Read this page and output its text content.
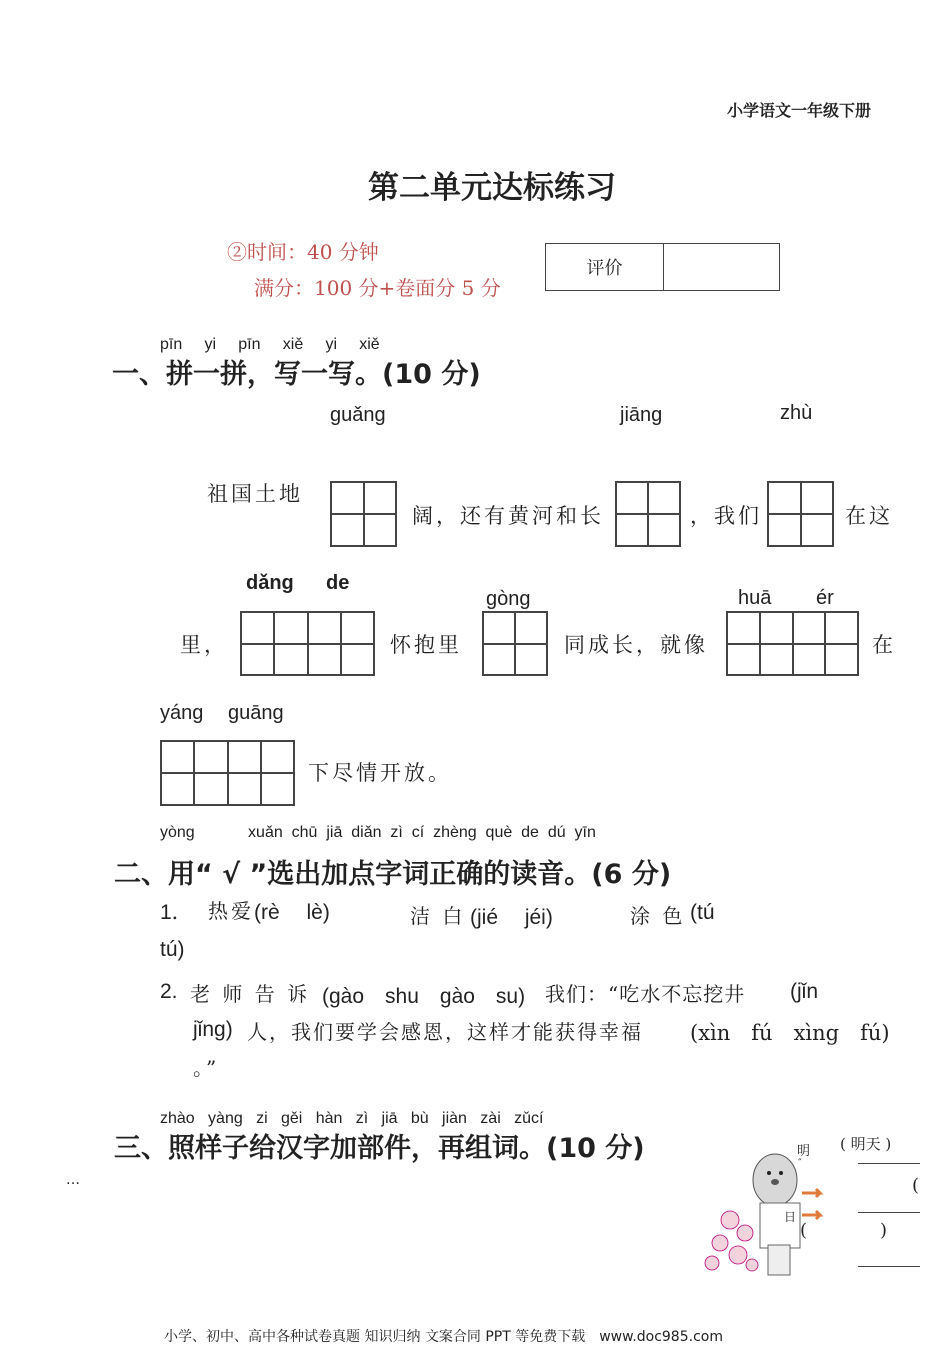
小学语文一年级下册
第二单元达标练习
②时间：40 分钟
满分：100 分+卷面分 5 分
评价
pīn yi pīn xiě yi xiě
一、拼一拼，写一写。(10 分)
guǎng	jiāng	zhù
祖国土地
阔，还有黄河和长	，我们	在这
dǎng de
gòng	huā ér
里，	怀抱里	同成长，就像	在
yáng guāng
下尽情开放。
yòng	xuǎn chū jiā diǎn zì cí zhèng què de dú yīn
二、用“ √ ”选出加点字词正确的读音。(6 分)
1． 热爱 (rè　 lè)	洁 白 (jié　 jéi)	涂 色 (tú
tú)
2. 老 师 告 诉 (gào　shu　gào　su) 我们：“吃水不忘挖井 (jǐn
jǐng) 人，我们要学会感恩，这样才能获得幸福 (xìn　fú　xìng　fú)
。”
zhào yàng zi gěi hàn zì jiā bù jiàn zài zǔcí
三、照样子给汉字加部件，再组词。(10 分)
…
明
″
( 明天 )
(
日
(	)
小学、初中、高中各种试卷真题 知识归纳 文案合同 PPT 等免费下载　www.doc985.com
